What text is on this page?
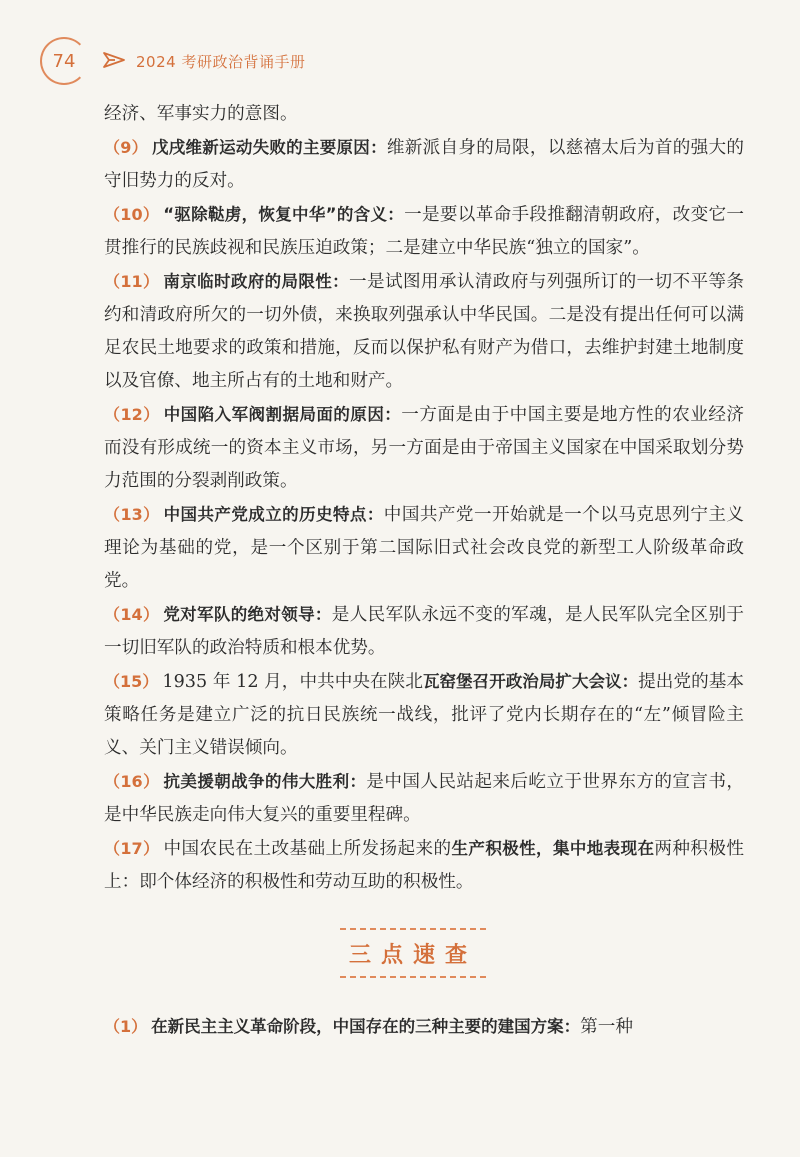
74	2024 考研政治背诵手册

经济、军事实力的意图。

（9） 戊戌维新运动失败的主要原因：维新派自身的局限，以慈禧太后为首的强大的守旧势力的反对。

（10） “驱除鞑虏，恢复中华”的含义：一是要以革命手段推翻清朝政府，改变它一贯推行的民族歧视和民族压迫政策；二是建立中华民族“独立的国家”。

（11） 南京临时政府的局限性：一是试图用承认清政府与列强所订的一切不平等条约和清政府所欠的一切外债，来换取列强承认中华民国。二是没有提出任何可以满足农民土地要求的政策和措施，反而以保护私有财产为借口，去维护封建土地制度以及官僚、地主所占有的土地和财产。

（12） 中国陷入军阀割据局面的原因：一方面是由于中国主要是地方性的农业经济而没有形成统一的资本主义市场，另一方面是由于帝国主义国家在中国采取划分势力范围的分裂剥削政策。

（13） 中国共产党成立的历史特点：中国共产党一开始就是一个以马克思列宁主义理论为基础的党，是一个区别于第二国际旧式社会改良党的新型工人阶级革命政党。

（14） 党对军队的绝对领导：是人民军队永远不变的军魂，是人民军队完全区别于一切旧军队的政治特质和根本优势。

（15） 1935 年 12 月，中共中央在陕北瓦窑堡召开政治局扩大会议：提出党的基本策略任务是建立广泛的抗日民族统一战线，批评了党内长期存在的“左”倾冒险主义、关门主义错误倾向。

（16） 抗美援朝战争的伟大胜利：是中国人民站起来后屹立于世界东方的宣言书，是中华民族走向伟大复兴的重要里程碑。

（17） 中国农民在土改基础上所发扬起来的生产积极性，集中地表现在两种积极性上：即个体经济的积极性和劳动互助的积极性。

三点速查

（1） 在新民主主义革命阶段，中国存在的三种主要的建国方案：第一种
